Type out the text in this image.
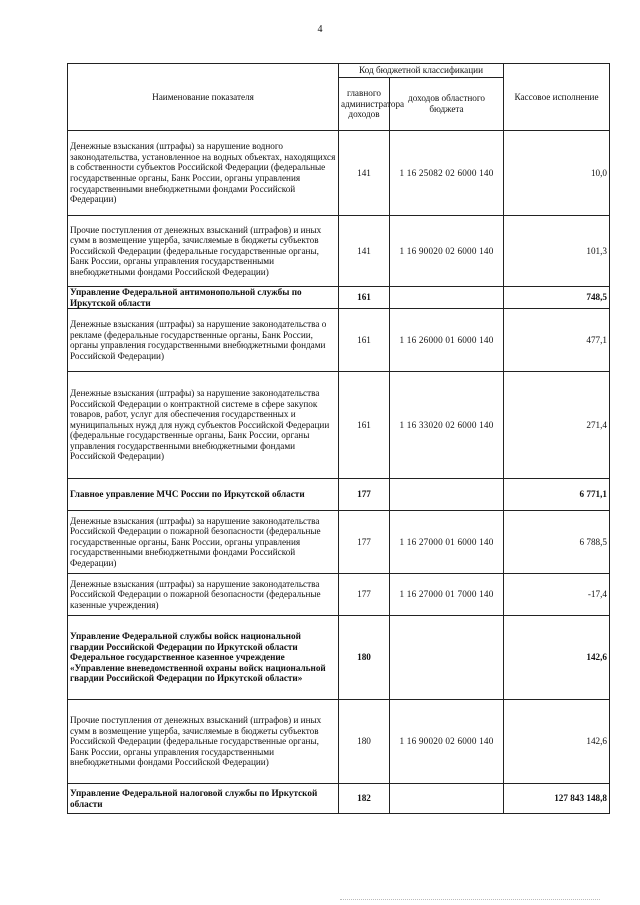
4
Наименование показателя	Код бюджетной классификации		Кассовое исполнение
	главного администратора доходов	доходов областного бюджета	
Денежные взыскания (штрафы) за нарушение водного законодательства, установленное на водных объектах, находящихся в собственности субъектов Российской Федерации (федеральные государственные органы, Банк России, органы управления государственными внебюджетными фондами Российской Федерации)	141	1 16 25082 02 6000 140	10,0
Прочие поступления от денежных взысканий (штрафов) и иных сумм в возмещение ущерба, зачисляемые в бюджеты субъектов Российской Федерации (федеральные государственные органы, Банк России, органы управления государственными внебюджетными фондами Российской Федерации)	141	1 16 90020 02 6000 140	101,3
Управление Федеральной антимонопольной службы по Иркутской области	161		748,5
Денежные взыскания (штрафы) за нарушение законодательства о рекламе (федеральные государственные органы, Банк России, органы управления государственными внебюджетными фондами Российской Федерации)	161	1 16 26000 01 6000 140	477,1
Денежные взыскания (штрафы) за нарушение законодательства Российской Федерации о контрактной системе в сфере закупок товаров, работ, услуг для обеспечения государственных и муниципальных нужд для нужд субъектов Российской Федерации (федеральные государственные органы, Банк России, органы управления государственными внебюджетными фондами Российской Федерации)	161	1 16 33020 02 6000 140	271,4
Главное управление МЧС России по Иркутской области	177		6 771,1
Денежные взыскания (штрафы) за нарушение законодательства Российской Федерации о пожарной безопасности (федеральные государственные органы, Банк России, органы управления государственными внебюджетными фондами Российской Федерации)	177	1 16 27000 01 6000 140	6 788,5
Денежные взыскания (штрафы) за нарушение законодательства Российской Федерации о пожарной безопасности (федеральные казенные учреждения)	177	1 16 27000 01 7000 140	-17,4
Управление Федеральной службы войск национальной гвардии Российской Федерации по Иркутской области Федеральное государственное казенное учреждение «Управление вневедомственной охраны войск национальной гвардии Российской Федерации по Иркутской области»	180		142,6
Прочие поступления от денежных взысканий (штрафов) и иных сумм в возмещение ущерба, зачисляемые в бюджеты субъектов Российской Федерации (федеральные государственные органы, Банк России, органы управления государственными внебюджетными фондами Российской Федерации)	180	1 16 90020 02 6000 140	142,6
Управление Федеральной налоговой службы по Иркутской области	182		127 843 148,8
